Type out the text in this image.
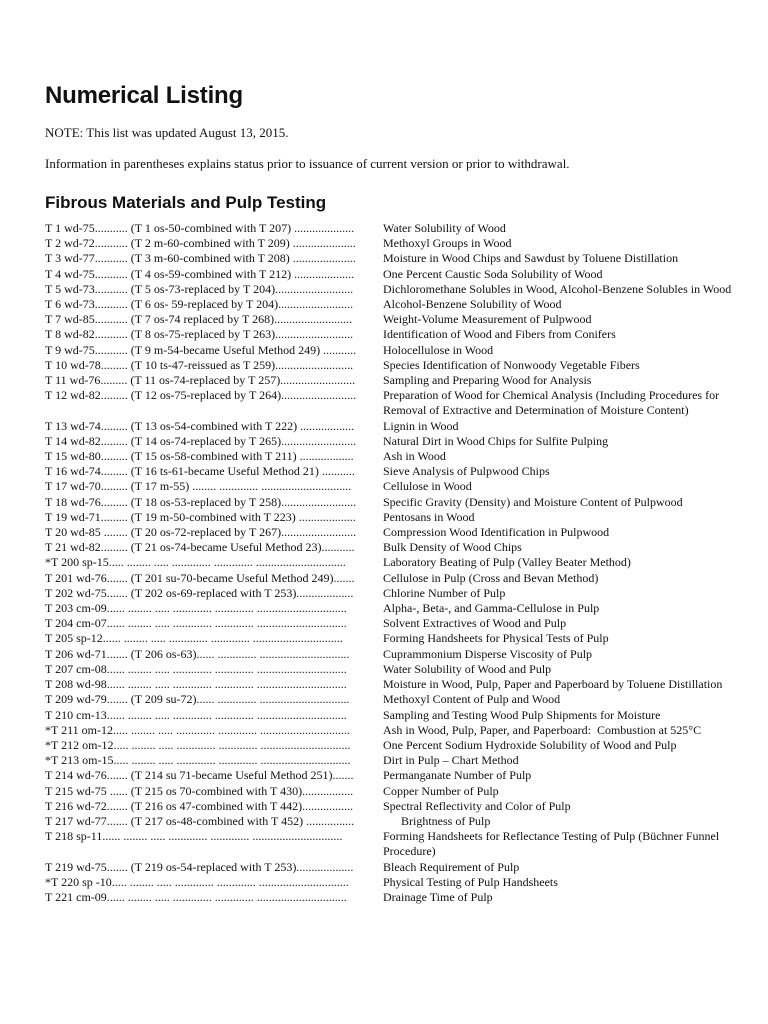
Numerical Listing
NOTE: This list was updated August 13, 2015.
Information in parentheses explains status prior to issuance of current version or prior to withdrawal.
Fibrous Materials and Pulp Testing
T 1 wd-75........... (T 1 os-50-combined with T 207) ....................	Water Solubility of Wood
T 2 wd-72........... (T 2 m-60-combined with T 209) .....................	Methoxyl Groups in Wood
T 3 wd-77........... (T 3 m-60-combined with T 208) .....................	Moisture in Wood Chips and Sawdust by Toluene Distillation
T 4 wd-75........... (T 4 os-59-combined with T 212) ....................	One Percent Caustic Soda Solubility of Wood
T 5 wd-73........... (T 5 os-73-replaced by T 204)..........................	Dichloromethane Solubles in Wood, Alcohol-Benzene Solubles in Wood
T 6 wd-73........... (T 6 os- 59-replaced by T 204).........................	Alcohol-Benzene Solubility of Wood
T 7 wd-85........... (T 7 os-74 replaced by T 268)..........................	Weight-Volume Measurement of Pulpwood
T 8 wd-82........... (T 8 os-75-replaced by T 263)..........................	Identification of Wood and Fibers from Conifers
T 9 wd-75........... (T 9 m-54-became Useful Method 249) ...........	Holocellulose in Wood
T 10 wd-78......... (T 10 ts-47-reissued as T 259)..........................	Species Identification of Nonwoody Vegetable Fibers
T 11 wd-76......... (T 11 os-74-replaced by T 257).........................	Sampling and Preparing Wood for Analysis
T 12 wd-82......... (T 12 os-75-replaced by T 264).........................	Preparation of Wood for Chemical Analysis (Including Procedures for Removal of Extractive and Determination of Moisture Content)
T 13 wd-74......... (T 13 os-54-combined with T 222) ..................	Lignin in Wood
T 14 wd-82......... (T 14 os-74-replaced by T 265).........................	Natural Dirt in Wood Chips for Sulfite Pulping
T 15 wd-80......... (T 15 os-58-combined with T 211) ..................	Ash in Wood
T 16 wd-74......... (T 16 ts-61-became Useful Method 21) ...........	Sieve Analysis of Pulpwood Chips
T 17 wd-70......... (T 17 m-55) ........ ............. ..............................	Cellulose in Wood
T 18 wd-76......... (T 18 os-53-replaced by T 258).........................	Specific Gravity (Density) and Moisture Content of Pulpwood
T 19 wd-71......... (T 19 m-50-combined with T 223) ...................	Pentosans in Wood
T 20 wd-85 ........ (T 20 os-72-replaced by T 267).........................	Compression Wood Identification in Pulpwood
T 21 wd-82......... (T 21 os-74-became Useful Method 23)...........	Bulk Density of Wood Chips
*T 200 sp-15..... ........ ..... ............. ............. ..............................	Laboratory Beating of Pulp (Valley Beater Method)
T 201 wd-76....... (T 201 su-70-became Useful Method 249).......	Cellulose in Pulp (Cross and Bevan Method)
T 202 wd-75....... (T 202 os-69-replaced with T 253)...................	Chlorine Number of Pulp
T 203 cm-09...... ........ ..... ............. ............. ..............................	Alpha-, Beta-, and Gamma-Cellulose in Pulp
T 204 cm-07...... ........ ..... ............. ............. ..............................	Solvent Extractives of Wood and Pulp
T 205 sp-12...... ........ ..... ............. ............. ..............................	Forming Handsheets for Physical Tests of Pulp
T 206 wd-71....... (T 206 os-63)...... ............. ..............................	Cuprammonium Disperse Viscosity of Pulp
T 207 cm-08...... ........ ..... ............. ............. ..............................	Water Solubility of Wood and Pulp
T 208 wd-98...... ........ ..... ............. ............. ..............................	Moisture in Wood, Pulp, Paper and Paperboard by Toluene Distillation
T 209 wd-79....... (T 209 su-72)...... ............. ..............................	Methoxyl Content of Pulp and Wood
T 210 cm-13...... ........ ..... ............. ............. ..............................	Sampling and Testing Wood Pulp Shipments for Moisture
*T 211 om-12..... ........ ..... ............. ............. ..............................	Ash in Wood, Pulp, Paper, and Paperboard:  Combustion at 525°C
*T 212 om-12..... ........ ..... ............. ............. ..............................	One Percent Sodium Hydroxide Solubility of Wood and Pulp
*T 213 om-15..... ........ ..... ............. ............. ..............................	Dirt in Pulp – Chart Method
T 214 wd-76....... (T 214 su 71-became Useful Method 251).......	Permanganate Number of Pulp
T 215 wd-75 ...... (T 215 os 70-combined with T 430).................	Copper Number of Pulp
T 216 wd-72....... (T 216 os 47-combined with T 442).................	Spectral Reflectivity and Color of Pulp
T 217 wd-77....... (T 217 os-48-combined with T 452) ................	Brightness of Pulp
T 218 sp-11...... ........ ..... ............. ............. ..............................	Forming Handsheets for Reflectance Testing of Pulp (Büchner Funnel Procedure)
T 219 wd-75....... (T 219 os-54-replaced with T 253)...................	Bleach Requirement of Pulp
*T 220 sp -10..... ........ ..... ............. ............. ..............................	Physical Testing of Pulp Handsheets
T 221 cm-09...... ........ ..... ............. ............. ..............................	Drainage Time of Pulp
